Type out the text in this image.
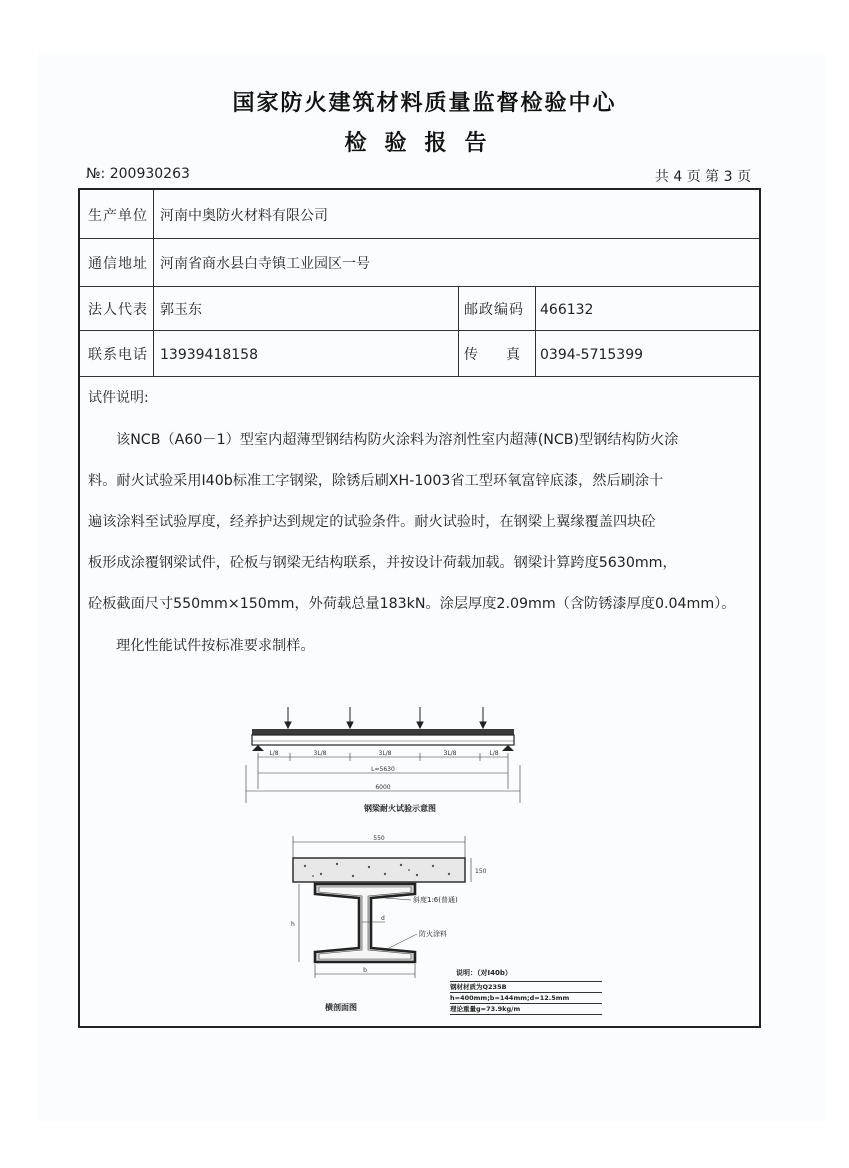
国家防火建筑材料质量监督检验中心
检验报告
№: 200930263	共 4 页 第 3 页
生产单位 河南中奥防火材料有限公司
通信地址 河南省商水县白寺镇工业园区一号
法人代表 郭玉东	邮政编码 466132
联系电话 13939418158	传　　真 0394-5715399
试件说明:
该NCB（A60－1）型室内超薄型钢结构防火涂料为溶剂性室内超薄(NCB)型钢结构防火涂
料。耐火试验采用I40b标准工字钢梁，除锈后刷XH-1003省工型环氧富锌底漆，然后刷涂十
遍该涂料至试验厚度，经养护达到规定的试验条件。耐火试验时，在钢梁上翼缘覆盖四块砼
板形成涂覆钢梁试件，砼板与钢梁无结构联系，并按设计荷载加载。钢梁计算跨度5630mm，
砼板截面尺寸550mm×150mm，外荷载总量183kN。涂层厚度2.09mm（含防锈漆厚度0.04mm）。
理化性能试件按标准要求制样。
L/8	3L/8	3L/8	3L/8	L/8
L=5630
6000
钢梁耐火试验示意图
550
150
d
h
b
斜度1:6(普通)
防火涂料
横剖面图
说明：（对I40b）
钢材材质为Q235B
h=400mm;b=144mm;d=12.5mm
理论重量g=73.9kg/m
